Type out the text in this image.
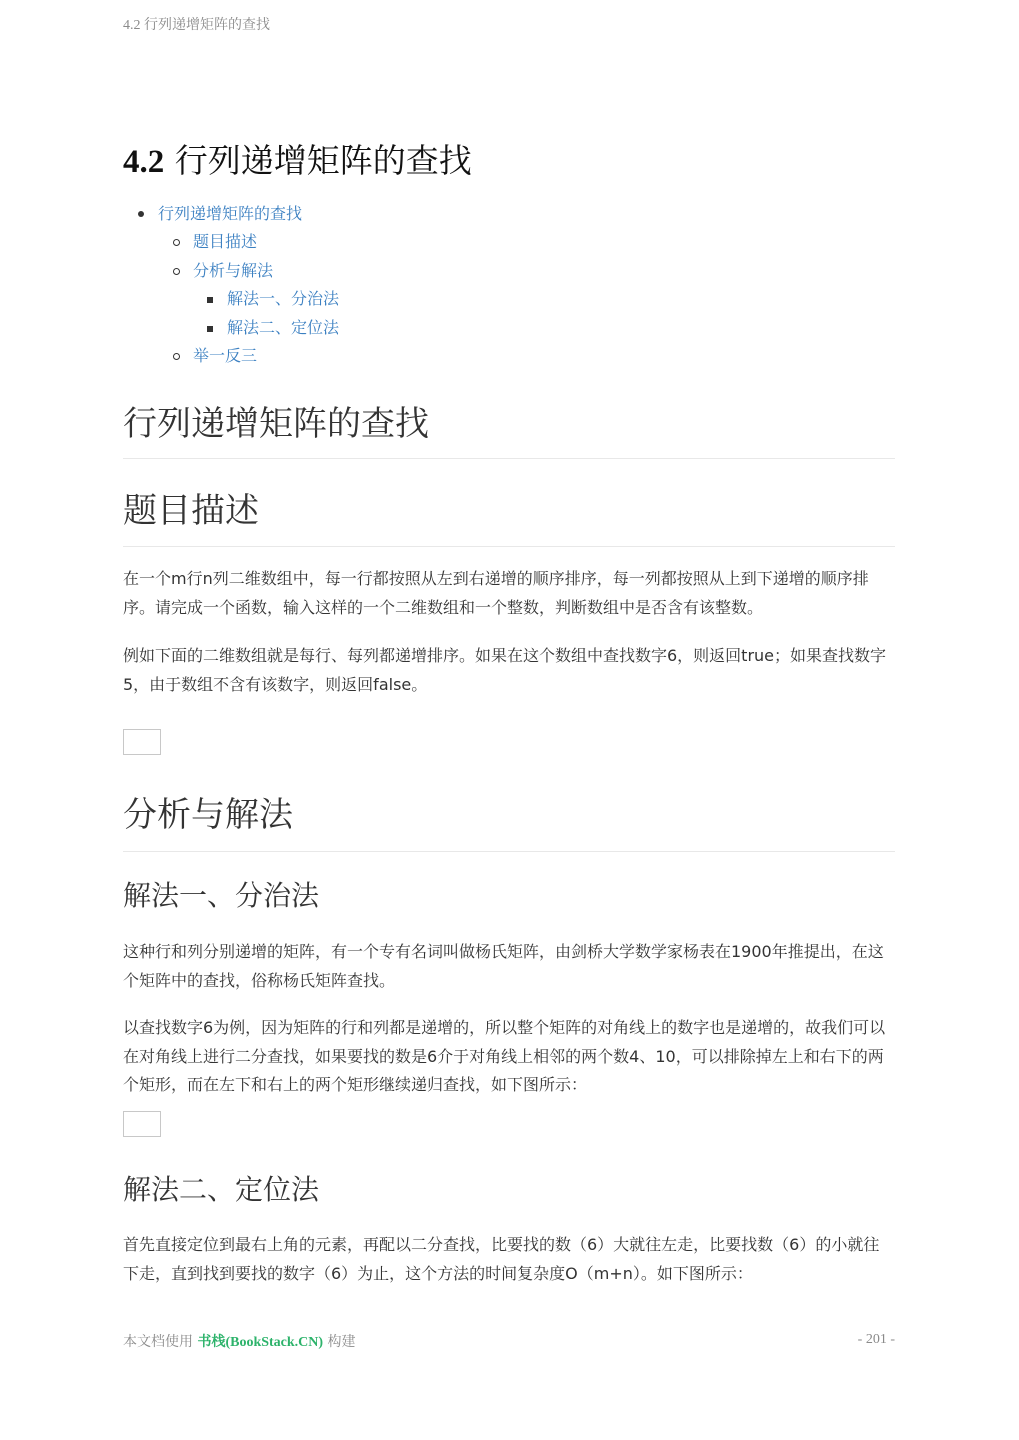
4.2 行列递增矩阵的查找
4.2 行列递增矩阵的查找
行列递增矩阵的查找
题目描述
分析与解法
解法一、分治法
解法二、定位法
举一反三
行列递增矩阵的查找
题目描述

在一个m行n列二维数组中，每一行都按照从左到右递增的顺序排序，每一列都按照从上到下递增的顺序排序。请完成一个函数，输入这样的一个二维数组和一个整数，判断数组中是否含有该整数。

例如下面的二维数组就是每行、每列都递增排序。如果在这个数组中查找数字6，则返回true；如果查找数字5，由于数组不含有该数字，则返回false。

分析与解法
解法一、分治法

这种行和列分别递增的矩阵，有一个专有名词叫做杨氏矩阵，由剑桥大学数学家杨表在1900年推提出，在这个矩阵中的查找，俗称杨氏矩阵查找。

以查找数字6为例，因为矩阵的行和列都是递增的，所以整个矩阵的对角线上的数字也是递增的，故我们可以在对角线上进行二分查找，如果要找的数是6介于对角线上相邻的两个数4、10，可以排除掉左上和右下的两个矩形，而在左下和右上的两个矩形继续递归查找，如下图所示：

解法二、定位法

首先直接定位到最右上角的元素，再配以二分查找，比要找的数（6）大就往左走，比要找数（6）的小就往下走，直到找到要找的数字（6）为止，这个方法的时间复杂度O（m+n）。如下图所示：

本文档使用 书栈(BookStack.CN) 构建	- 201 -
